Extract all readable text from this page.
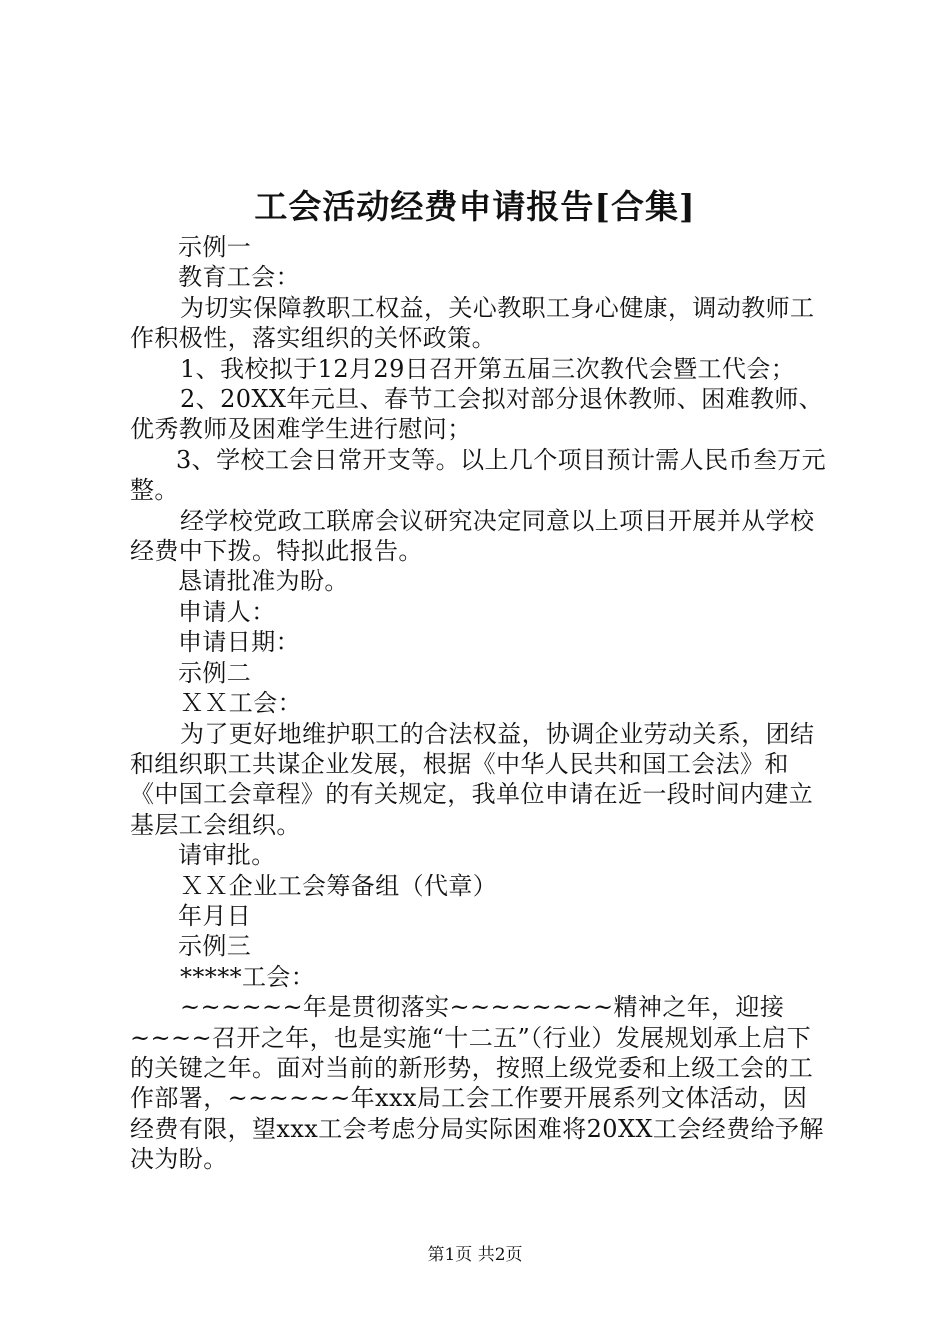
工会活动经费申请报告[合集]

示例一

教育工会：

为切实保障教职工权益，关心教职工身心健康，调动教师工作积极性，落实组织的关怀政策。

1、我校拟于12月29日召开第五届三次教代会暨工代会；

2、20XX年元旦、春节工会拟对部分退休教师、困难教师、优秀教师及困难学生进行慰问；

3、学校工会日常开支等。以上几个项目预计需人民币叁万元整。

经学校党政工联席会议研究决定同意以上项目开展并从学校经费中下拨。特拟此报告。

恳请批准为盼。

申请人：

申请日期：

示例二

ＸＸ工会：

为了更好地维护职工的合法权益，协调企业劳动关系，团结和组织职工共谋企业发展，根据《中华人民共和国工会法》和《中国工会章程》的有关规定，我单位申请在近一段时间内建立基层工会组织。

请审批。

ＸＸ企业工会筹备组（代章）

年月日

示例三

*****工会：

~~~~~~年是贯彻落实~~~~~~~~精神之年，迎接~~~~召开之年，也是实施“十二五”（行业）发展规划承上启下的关键之年。面对当前的新形势，按照上级党委和上级工会的工作部署，~~~~~~年xxx局工会工作要开展系列文体活动，因经费有限，望xxx工会考虑分局实际困难将20XX工会经费给予解决为盼。

第1页 共2页
